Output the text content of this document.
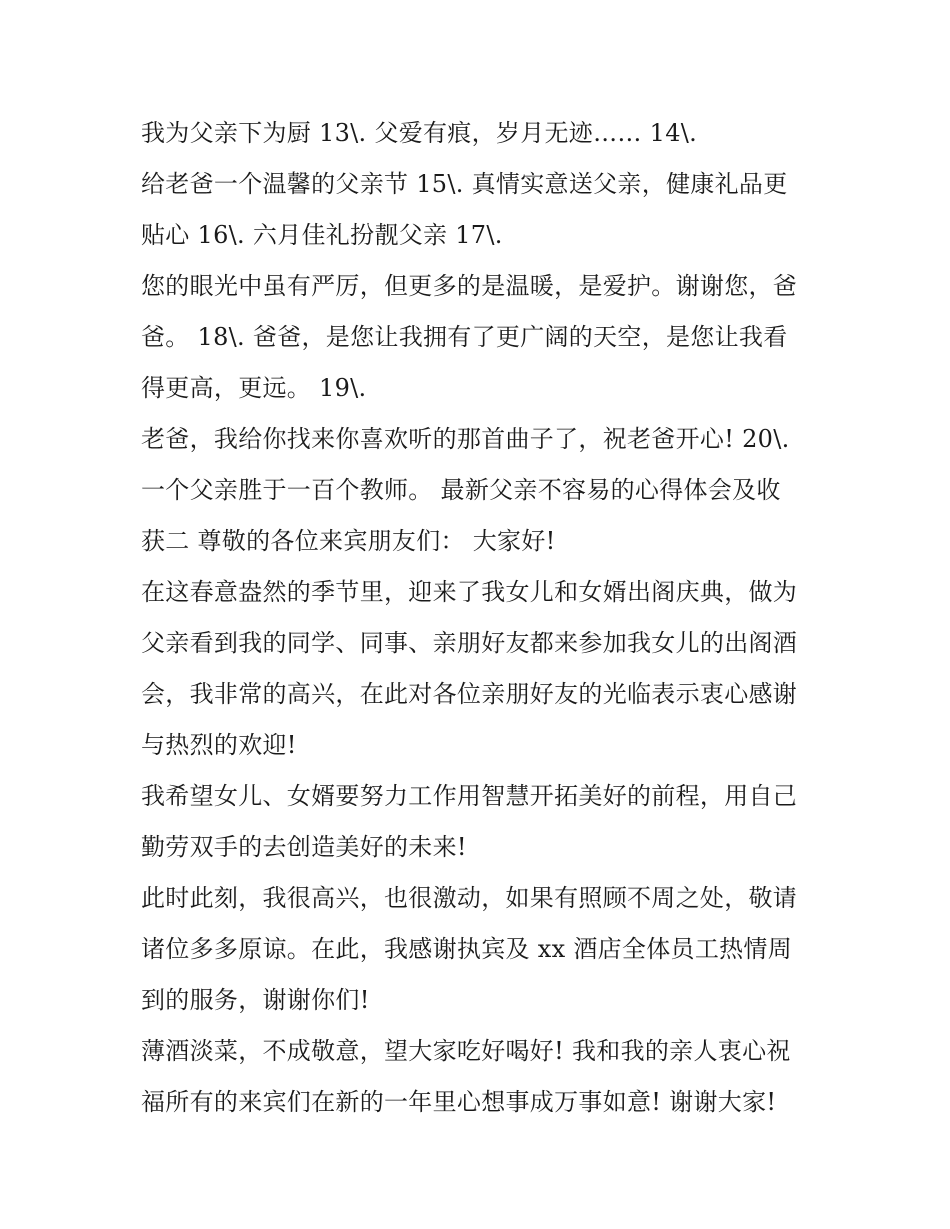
我为父亲下为厨 13\. 父爱有痕，岁月无迹…… 14\.
给老爸一个温馨的父亲节 15\. 真情实意送父亲，健康礼品更
贴心 16\. 六月佳礼扮靓父亲 17\.
您的眼光中虽有严厉，但更多的是温暖，是爱护。谢谢您，爸
爸。 18\. 爸爸，是您让我拥有了更广阔的天空，是您让我看
得更高，更远。 19\.
老爸，我给你找来你喜欢听的那首曲子了，祝老爸开心! 20\.
一个父亲胜于一百个教师。 最新父亲不容易的心得体会及收
获二 尊敬的各位来宾朋友们： 大家好!
在这春意盎然的季节里，迎来了我女儿和女婿出阁庆典，做为
父亲看到我的同学、同事、亲朋好友都来参加我女儿的出阁酒
会，我非常的高兴，在此对各位亲朋好友的光临表示衷心感谢
与热烈的欢迎!
我希望女儿、女婿要努力工作用智慧开拓美好的前程，用自己
勤劳双手的去创造美好的未来!
此时此刻，我很高兴，也很激动，如果有照顾不周之处，敬请
诸位多多原谅。在此，我感谢执宾及 xx 酒店全体员工热情周
到的服务，谢谢你们!
薄酒淡菜，不成敬意，望大家吃好喝好! 我和我的亲人衷心祝
福所有的来宾们在新的一年里心想事成万事如意! 谢谢大家!
